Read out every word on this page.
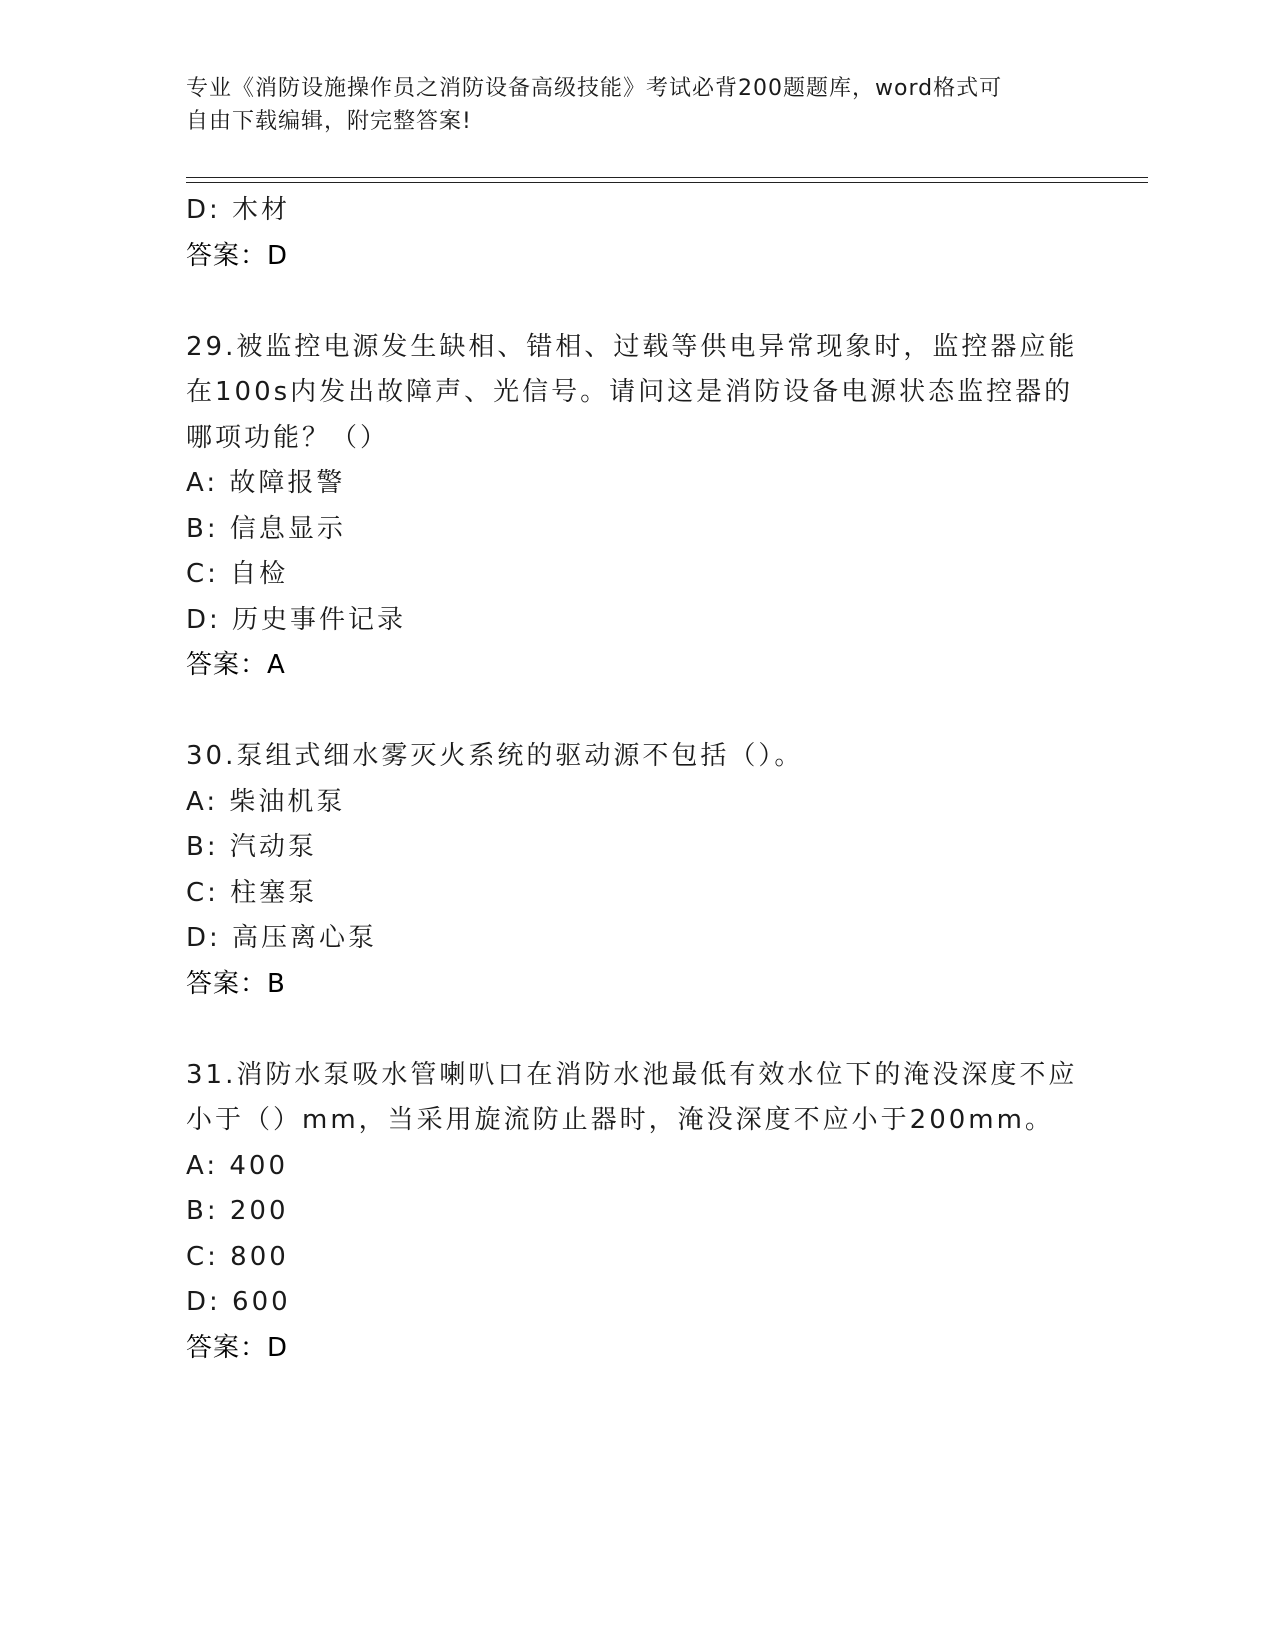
专业《消防设施操作员之消防设备高级技能》考试必背200题题库，word格式可

自由下载编辑，附完整答案!

D: 木材

答案：D

29.被监控电源发生缺相、错相、过载等供电异常现象时，监控器应能

在100s内发出故障声、光信号。请问这是消防设备电源状态监控器的

哪项功能？（）

A: 故障报警

B: 信息显示

C: 自检

D: 历史事件记录

答案：A

30.泵组式细水雾灭火系统的驱动源不包括（）。

A: 柴油机泵

B: 汽动泵

C: 柱塞泵

D: 高压离心泵

答案：B

31.消防水泵吸水管喇叭口在消防水池最低有效水位下的淹没深度不应

小于（）mm，当采用旋流防止器时，淹没深度不应小于200mm。

A: 400

B: 200

C: 800

D: 600

答案：D
